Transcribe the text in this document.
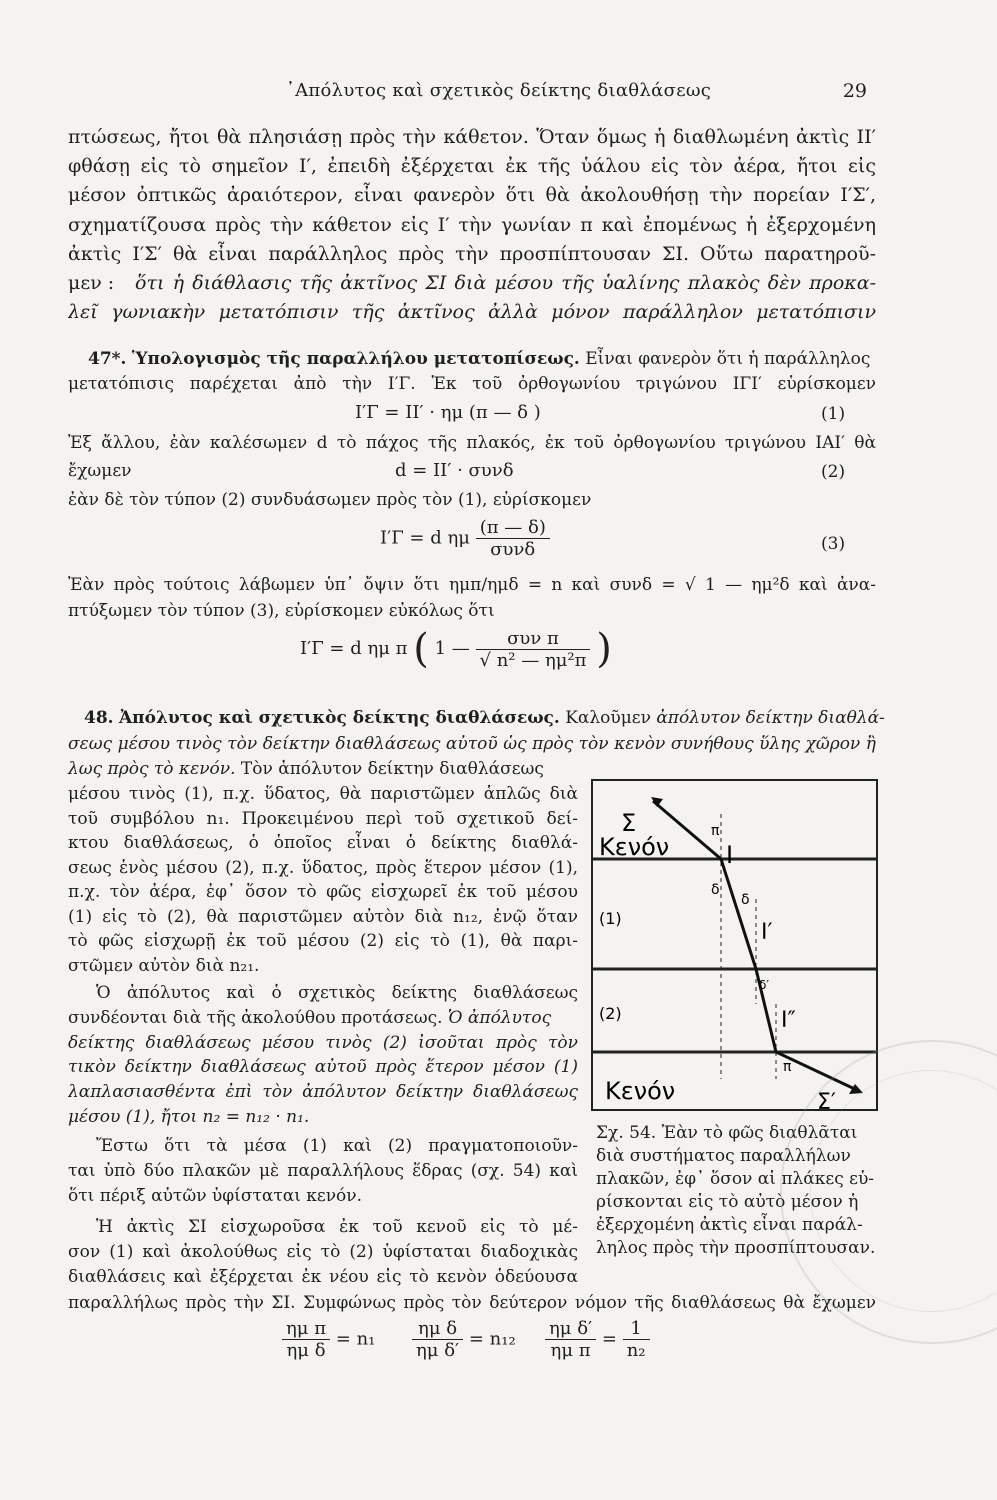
᾿Απόλυτος καὶ σχετικὸς δείκτης διαθλάσεως	29
πτώσεως, ἤτοι θὰ πλησιάσῃ πρὸς τὴν κάθετον. Ὅταν ὅμως ἡ διαθλωμένη ἀκτὶς ΙΙ′
φθάσῃ εἰς τὸ σημεῖον Ι′, ἐπειδὴ ἐξέρχεται ἐκ τῆς ὑάλου εἰς τὸν ἀέρα, ἤτοι εἰς
μέσον ὀπτικῶς ἀραιότερον, εἶναι φανερὸν ὅτι θὰ ἀκολουθήσῃ τὴν πορείαν Ι′Σ′,
σχηματίζουσα πρὸς τὴν κάθετον εἰς Ι′ τὴν γωνίαν π καὶ ἐπομένως ἡ ἐξερχομένη
ἀκτὶς Ι′Σ′ θὰ εἶναι παράλληλος πρὸς τὴν προσπίπτουσαν ΣΙ. Οὕτω παρατηροῦ-
μεν : ὅτι ἡ διάθλασις τῆς ἀκτῖνος ΣΙ διὰ μέσου τῆς ὑαλίνης πλακὸς δὲν προκα-
λεῖ γωνιακὴν μετατόπισιν τῆς ἀκτῖνος ἀλλὰ μόνον παράλληλον μετατόπισιν
47*. Ὑπολογισμὸς τῆς παραλλήλου μετατοπίσεως. Εἶναι φανερὸν ὅτι ἡ παράλληλος
μετατόπισις παρέχεται ἀπὸ τὴν Ι′Γ. Ἐκ τοῦ ὀρθογωνίου τριγώνου ΙΓΙ′ εὑρίσκομεν
Ι′Γ = ΙΙ′ · ημ (π — δ )	(1)
Ἐξ ἄλλου, ἐὰν καλέσωμεν d τὸ πάχος τῆς πλακός, ἐκ τοῦ ὀρθογωνίου τριγώνου ΙΑΙ′ θὰ
ἔχωμεν	d = ΙΙ′ · συνδ	(2)
ἐὰν δὲ τὸν τύπον (2) συνδυάσωμεν πρὸς τὸν (1), εὑρίσκομεν
Ι′Γ = d ημ $\frac{(\pi — \delta)}{\text{συνδ}}$	(3)
Ἐὰν πρὸς τούτοις λάβωμεν ὑπ᾿ ὄψιν ὅτι ημπ/ημδ = n καὶ συνδ = √ 1 — ημ²δ καὶ ἀνα-
πτύξωμεν τὸν τύπον (3), εὑρίσκομεν εὐκόλως ὅτι
Ι′Γ = d ημ π ( 1 — $\frac{\text{συν π}}{\text{√ n² — ημ²π}}$ )
48. Ἀπόλυτος καὶ σχετικὸς δείκτης διαθλάσεως. Καλοῦμεν ἀπόλυτον δείκτην διαθλά-
σεως μέσου τινὸς τὸν δείκτην διαθλάσεως αὐτοῦ ὡς πρὸς τὸν κενὸν συνήθους ὕλης χῶρον ἢ
λως πρὸς τὸ κενόν. Τὸν ἀπόλυτον δείκτην διαθλάσεως
μέσου τινὸς (1), π.χ. ὕδατος, θὰ παριστῶμεν ἁπλῶς διὰ
τοῦ συμβόλου n₁. Προκειμένου περὶ τοῦ σχετικοῦ δεί-
κτου διαθλάσεως, ὁ ὁποῖος εἶναι ὁ δείκτης διαθλά-
σεως ἑνὸς μέσου (2), π.χ. ὕδατος, πρὸς ἕτερον μέσον (1),
π.χ. τὸν ἀέρα, ἐφ᾿ ὅσον τὸ φῶς εἰσχωρεῖ ἐκ τοῦ μέσου
(1) εἰς τὸ (2), θὰ παριστῶμεν αὐτὸν διὰ n₁₂, ἐνῷ ὅταν
τὸ φῶς εἰσχωρῇ ἐκ τοῦ μέσου (2) εἰς τὸ (1), θὰ παρι-
στῶμεν αὐτὸν διὰ n₂₁.
Ὁ ἀπόλυτος καὶ ὁ σχετικὸς δείκτης διαθλάσεως
συνδέονται διὰ τῆς ἀκολούθου προτάσεως. Ὁ ἀπόλυτος
δείκτης διαθλάσεως μέσου τινὸς (2) ἰσοῦται πρὸς τὸν
τικὸν δείκτην διαθλάσεως αὐτοῦ πρὸς ἕτερον μέσον (1)
λαπλασιασθέντα ἐπὶ τὸν ἀπόλυτον δείκτην διαθλάσεως
μέσου (1), ἤτοι n₂ = n₁₂ · n₁.
Ἔστω ὅτι τὰ μέσα (1) καὶ (2) πραγματοποιοῦν-
ται ὑπὸ δύο πλακῶν μὲ παραλλήλους ἕδρας (σχ. 54) καὶ
ὅτι πέριξ αὐτῶν ὑφίσταται κενόν.
Ἡ ἀκτὶς ΣΙ εἰσχωροῦσα ἐκ τοῦ κενοῦ εἰς τὸ μέ-
σον (1) καὶ ἀκολούθως εἰς τὸ (2) ὑφίσταται διαδοχικὰς
διαθλάσεις καὶ ἐξέρχεται ἐκ νέου εἰς τὸ κενὸν ὁδεύουσα
παραλλήλως πρὸς τὴν ΣΙ. Συμφώνως πρὸς τὸν δεύτερον νόμον τῆς διαθλάσεως θὰ ἔχωμεν
$\frac{\text{ημ π}}{\text{ημ δ}} = n_1 \frac{\text{ημ δ}}{\text{ημ δ′}} = n_{12} \frac{\text{ημ δ′}}{\text{ημ π}} = \frac{1}{\text{n₂}}$
Σ
Κενόν
π
Ι
δ
δ
(1)
Ι′
δ′
(2)	Ι″
π
Κενόν	Σ′
Σχ. 54. Ἐὰν τὸ φῶς διαθλᾶται
διὰ συστήματος παραλλήλων
πλακῶν, ἐφ᾿ ὅσον αἱ πλάκες εὑ-
ρίσκονται εἰς τὸ αὐτὸ μέσον ἡ
ἐξερχομένη ἀκτὶς εἶναι παράλ-
ληλος πρὸς τὴν προσπίπτουσαν.
